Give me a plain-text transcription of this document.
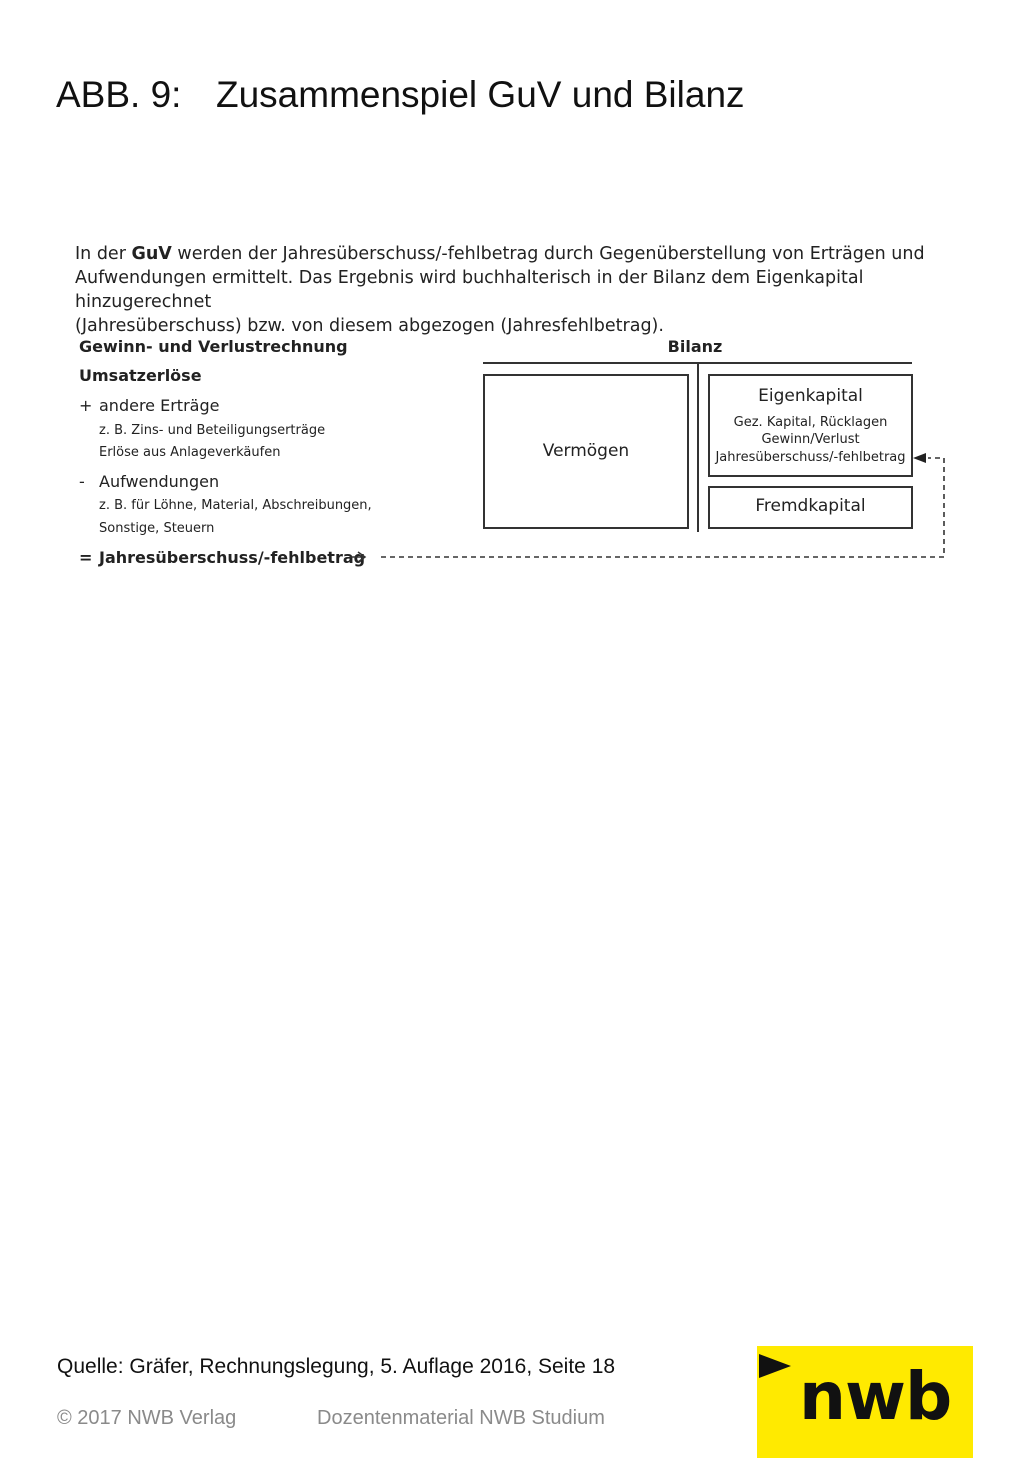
ABB. 9: Zusammenspiel GuV und Bilanz
In der GuV werden der Jahresüberschuss/-fehlbetrag durch Gegenüberstellung von Erträgen und
Aufwendungen ermittelt. Das Ergebnis wird buchhalterisch in der Bilanz dem Eigenkapital hinzugerechnet
(Jahresüberschuss) bzw. von diesem abgezogen (Jahresfehlbetrag).
Gewinn- und Verlustrechnung
Umsatzerlöse
+ andere Erträge
z. B. Zins- und Beteiligungserträge
Erlöse aus Anlageverkäufen
- Aufwendungen
z. B. für Löhne, Material, Abschreibungen,
Sonstige, Steuern
= Jahresüberschuss/-fehlbetrag
Bilanz
Vermögen
Eigenkapital
Gez. Kapital, Rücklagen
Gewinn/Verlust
Jahresüberschuss/-fehlbetrag
Fremdkapital
Quelle: Gräfer, Rechnungslegung, 5. Auflage 2016, Seite 18
© 2017 NWB Verlag	Dozentenmaterial NWB Studium	nwb
